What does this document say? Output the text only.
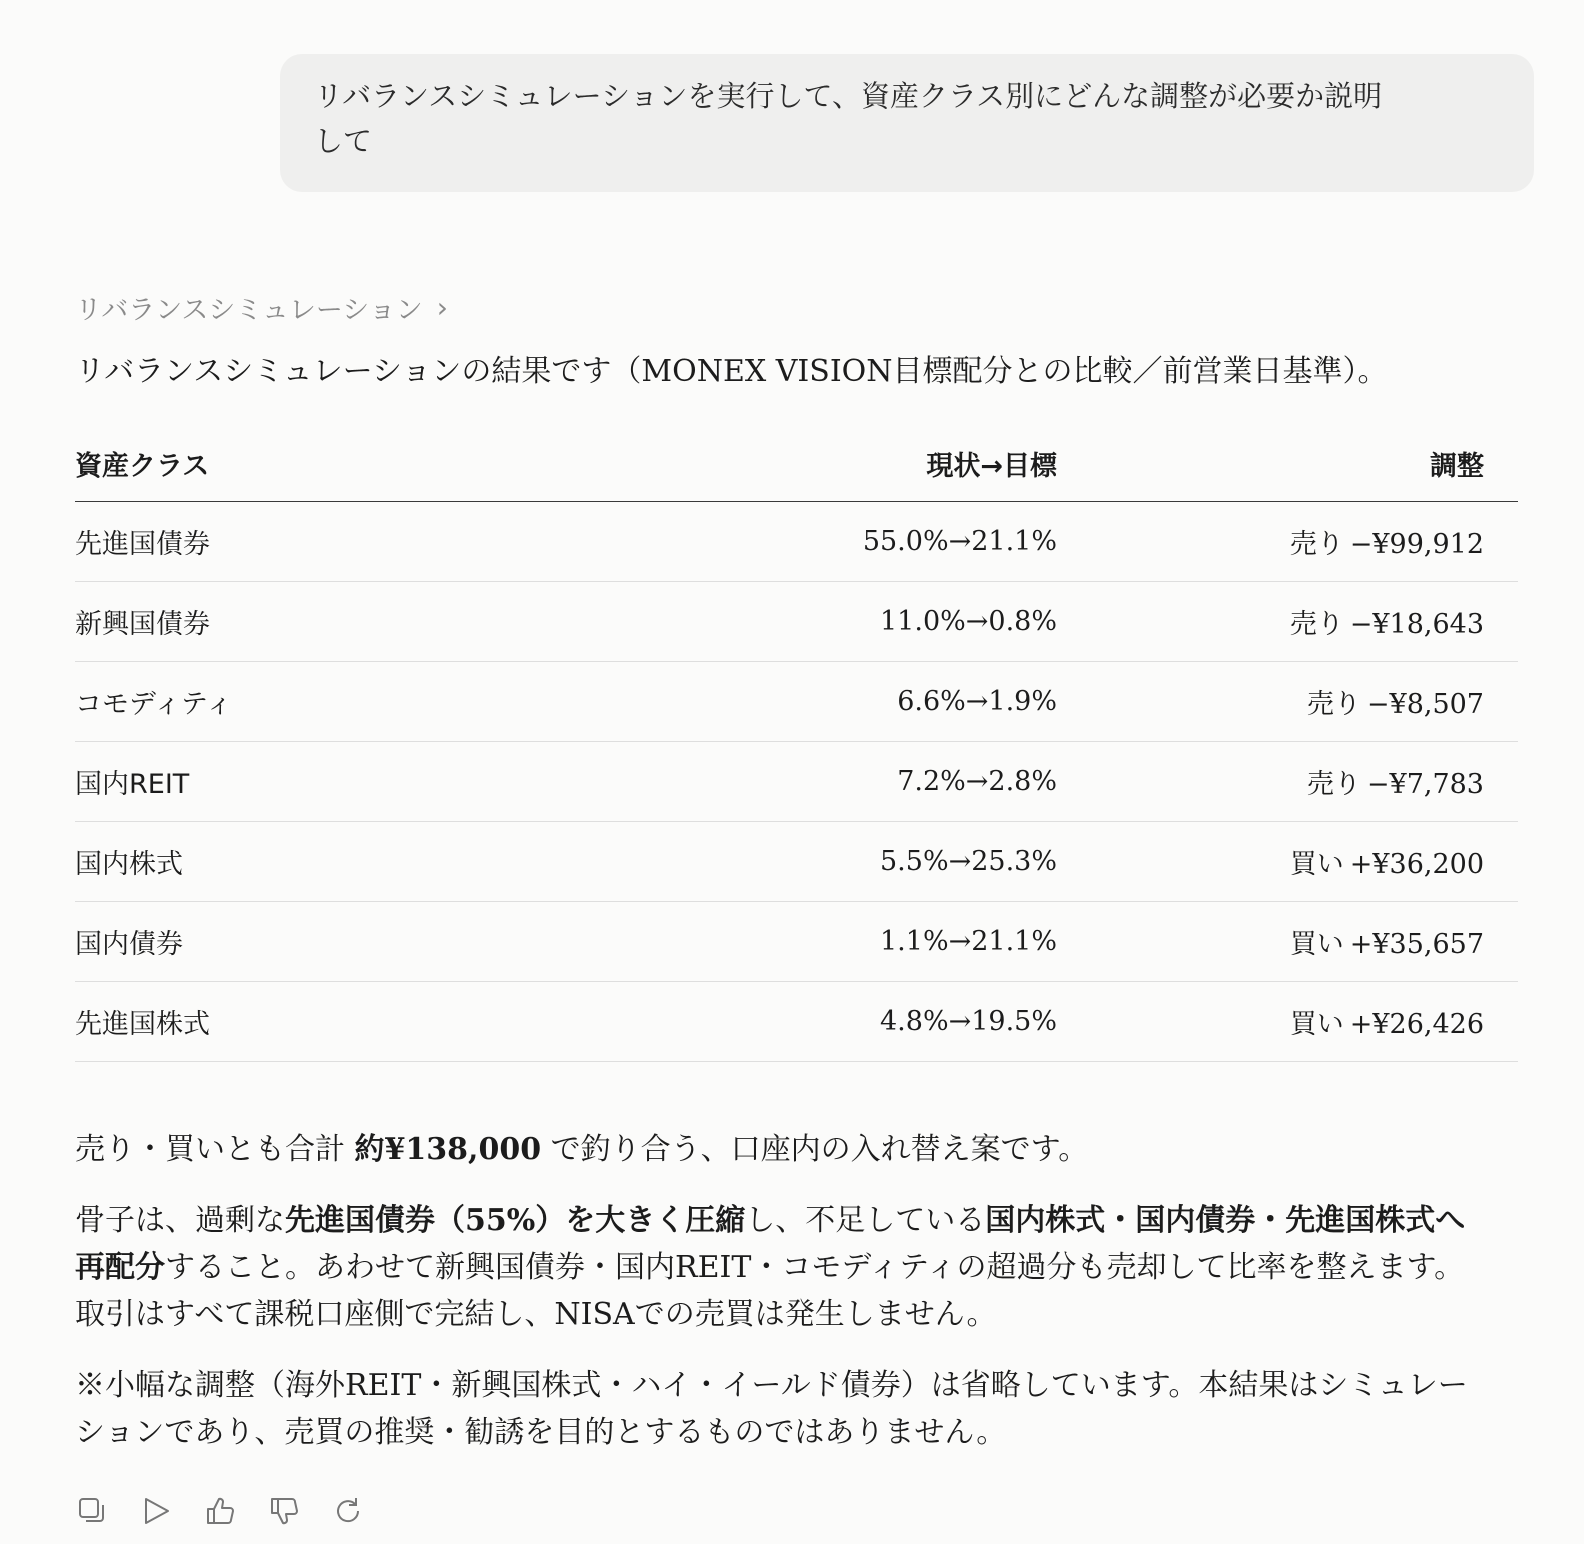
リバランスシミュレーションを実行して、資産クラス別にどんな調整が必要か説明
して
リバランスシミュレーション ›
リバランスシミュレーションの結果です（MONEX VISION目標配分との比較／前営業日基準）。
資産クラス	現状→目標	調整
先進国債券	55.0%→21.1%	売り −¥99,912
新興国債券	11.0%→0.8%	売り −¥18,643
コモディティ	6.6%→1.9%	売り −¥8,507
国内REIT	7.2%→2.8%	売り −¥7,783
国内株式	5.5%→25.3%	買い +¥36,200
国内債券	1.1%→21.1%	買い +¥35,657
先進国株式	4.8%→19.5%	買い +¥26,426

売り・買いとも合計 約¥138,000 で釣り合う、口座内の入れ替え案です。

骨子は、過剰な先進国債券（55%）を大きく圧縮し、不足している国内株式・国内債券・先進国株式へ再配分すること。あわせて新興国債券・国内REIT・コモディティの超過分も売却して比率を整えます。取引はすべて課税口座側で完結し、NISAでの売買は発生しません。

※小幅な調整（海外REIT・新興国株式・ハイ・イールド債券）は省略しています。本結果はシミュレーションであり、売買の推奨・勧誘を目的とするものではありません。
